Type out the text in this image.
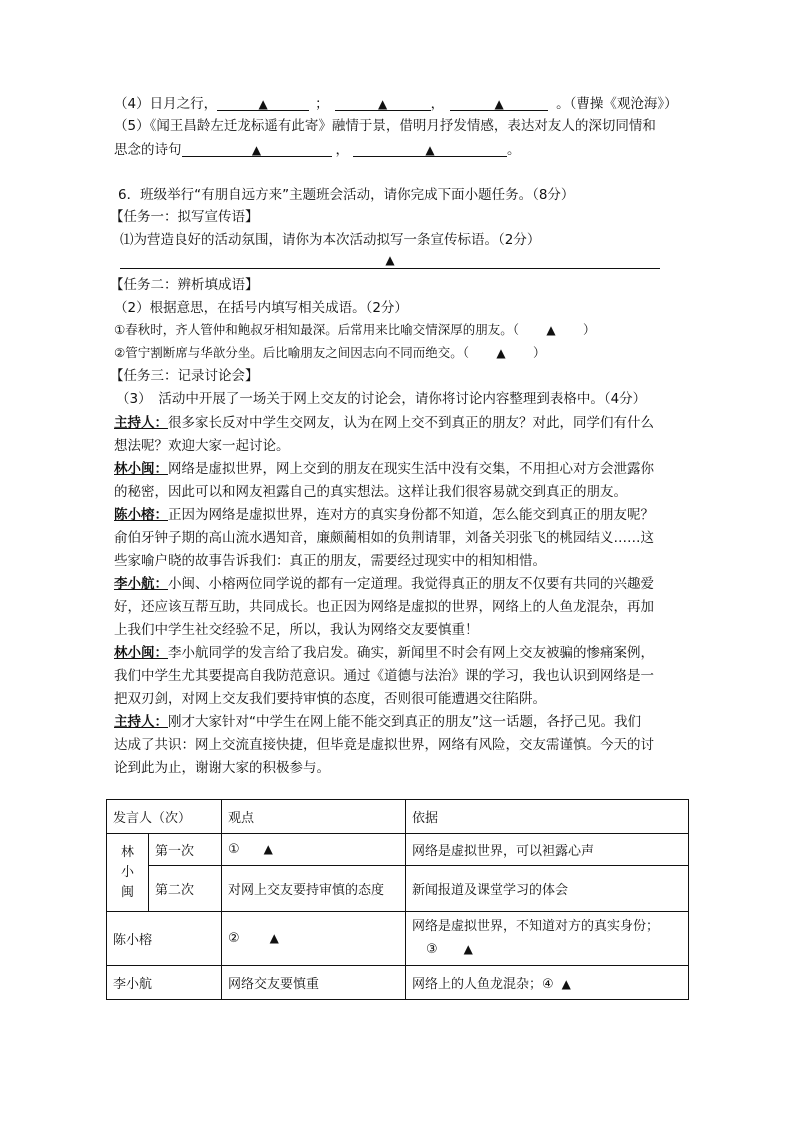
（4）日月之行，	▲	；	▲	，	▲	。（曹操《观沧海》）
（5）《闻王昌龄左迁龙标遥有此寄》融情于景，借明月抒发情感，表达对友人的深切同情和
思念的诗句	▲	，	▲	。
6．班级举行“有朋自远方来”主题班会活动，请你完成下面小题任务。（8分）
【任务一：拟写宣传语】
⑴为营造良好的活动氛围，请你为本次活动拟写一条宣传标语。（2分）
▲
【任务二：辨析填成语】
（2）根据意思，在括号内填写相关成语。（2分）
①春秋时，齐人管仲和鲍叔牙相知最深。后常用来比喻交情深厚的朋友。（ ▲ ）
②管宁割断席与华歆分坐。后比喻朋友之间因志向不同而绝交。（ ▲ ）
【任务三：记录讨论会】
（3）　活动中开展了一场关于网上交友的讨论会，请你将讨论内容整理到表格中。（4分）
主持人：很多家长反对中学生交网友，认为在网上交不到真正的朋友？对此，同学们有什么
想法呢？欢迎大家一起讨论。
林小闽：网络是虚拟世界，网上交到的朋友在现实生活中没有交集，不用担心对方会泄露你
的秘密，因此可以和网友袒露自己的真实想法。这样让我们很容易就交到真正的朋友。
陈小榕：正因为网络是虚拟世界，连对方的真实身份都不知道，怎么能交到真正的朋友呢？
俞伯牙钟子期的高山流水遇知音，廉颇蔺相如的负荆请罪，刘备关羽张飞的桃园结义……这
些家喻户晓的故事告诉我们：真正的朋友，需要经过现实中的相知相惜。
李小航：小闽、小榕两位同学说的都有一定道理。我觉得真正的朋友不仅要有共同的兴趣爱
好，还应该互帮互助，共同成长。也正因为网络是虚拟的世界，网络上的人鱼龙混杂，再加
上我们中学生社交经验不足，所以，我认为网络交友要慎重！
林小闽：李小航同学的发言给了我启发。确实，新闻里不时会有网上交友被骗的惨痛案例，
我们中学生尤其要提高自我防范意识。通过《道德与法治》课的学习，我也认识到网络是一
把双刃剑，对网上交友我们要持审慎的态度，否则很可能遭遇交往陷阱。
主持人：刚才大家针对“中学生在网上能不能交到真正的朋友”这一话题，各抒己见。我们
达成了共识：网上交流直接快捷，但毕竟是虚拟世界，网络有风险，交友需谨慎。今天的讨
论到此为止，谢谢大家的积极参与。
发言人（次）		观点	依据

林
小
闽	第一次	① ▲	网络是虚拟世界，可以袒露心声
	第二次	对网上交友要持审慎的态度	新闻报道及课堂学习的体会
陈小榕		② ▲	网络是虚拟世界，不知道对方的真实身份；
③ ▲

李小航		网络交友要慎重	网络上的人鱼龙混杂；④ ▲
